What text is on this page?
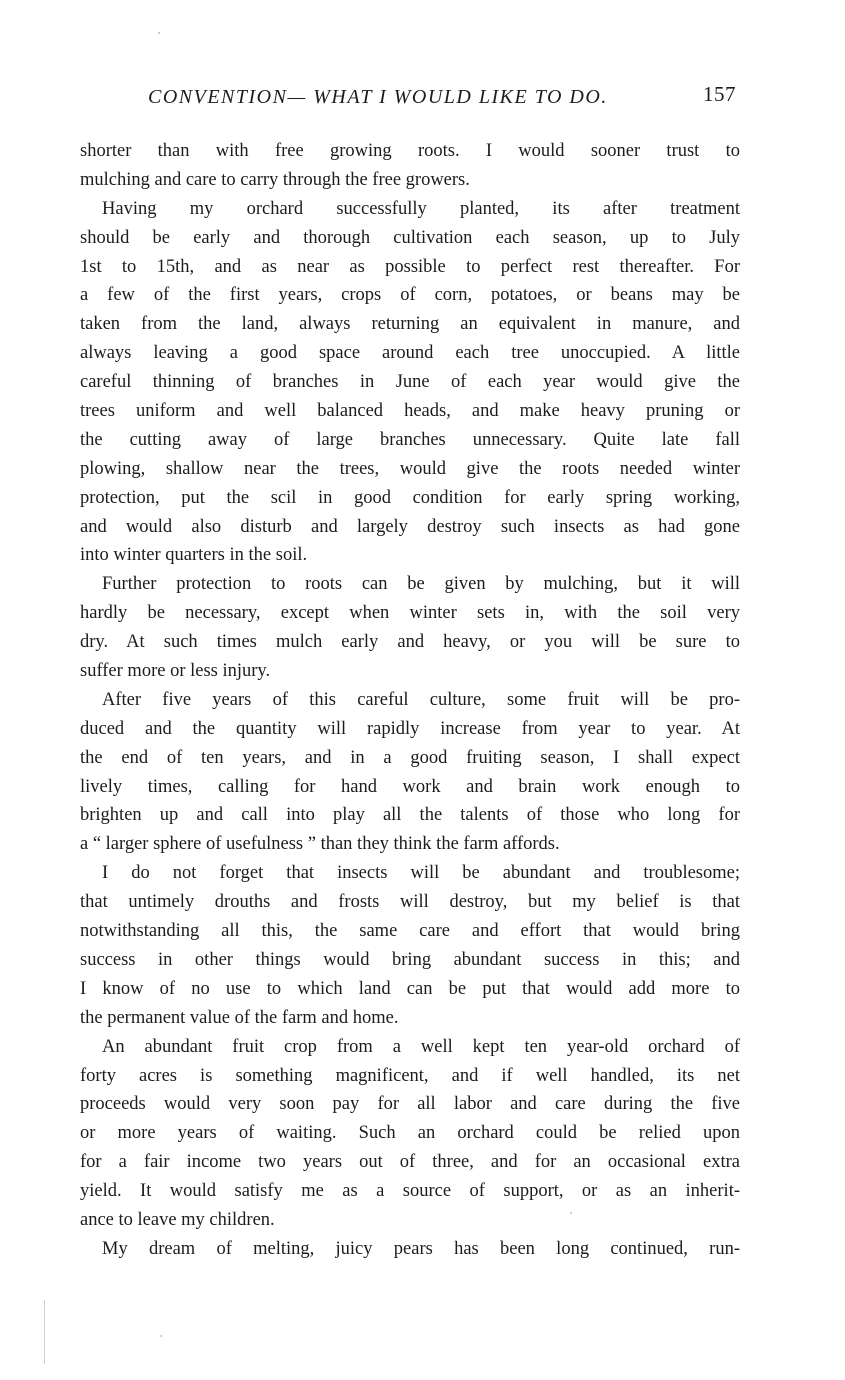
CONVENTION— WHAT I WOULD LIKE TO DO.	157
shorter than with free growing roots. I would sooner trust to
mulching and care to carry through the free growers.
Having my orchard successfully planted, its after treatment
should be early and thorough cultivation each season, up to July
1st to 15th, and as near as possible to perfect rest thereafter. For
a few of the first years, crops of corn, potatoes, or beans may be
taken from the land, always returning an equivalent in manure, and
always leaving a good space around each tree unoccupied. A little
careful thinning of branches in June of each year would give the
trees uniform and well balanced heads, and make heavy pruning or
the cutting away of large branches unnecessary. Quite late fall
plowing, shallow near the trees, would give the roots needed winter
protection, put the scil in good condition for early spring working,
and would also disturb and largely destroy such insects as had gone
into winter quarters in the soil.
Further protection to roots can be given by mulching, but it will
hardly be necessary, except when winter sets in, with the soil very
dry. At such times mulch early and heavy, or you will be sure to
suffer more or less injury.
After five years of this careful culture, some fruit will be pro-
duced and the quantity will rapidly increase from year to year. At
the end of ten years, and in a good fruiting season, I shall expect
lively times, calling for hand work and brain work enough to
brighten up and call into play all the talents of those who long for
a “ larger sphere of usefulness ” than they think the farm affords.
I do not forget that insects will be abundant and troublesome;
that untimely drouths and frosts will destroy, but my belief is that
notwithstanding all this, the same care and effort that would bring
success in other things would bring abundant success in this; and
I know of no use to which land can be put that would add more to
the permanent value of the farm and home.
An abundant fruit crop from a well kept ten year-old orchard of
forty acres is something magnificent, and if well handled, its net
proceeds would very soon pay for all labor and care during the five
or more years of waiting. Such an orchard could be relied upon
for a fair income two years out of three, and for an occasional extra
yield. It would satisfy me as a source of support, or as an inherit-
ance to leave my children.
My dream of melting, juicy pears has been long continued, run-
